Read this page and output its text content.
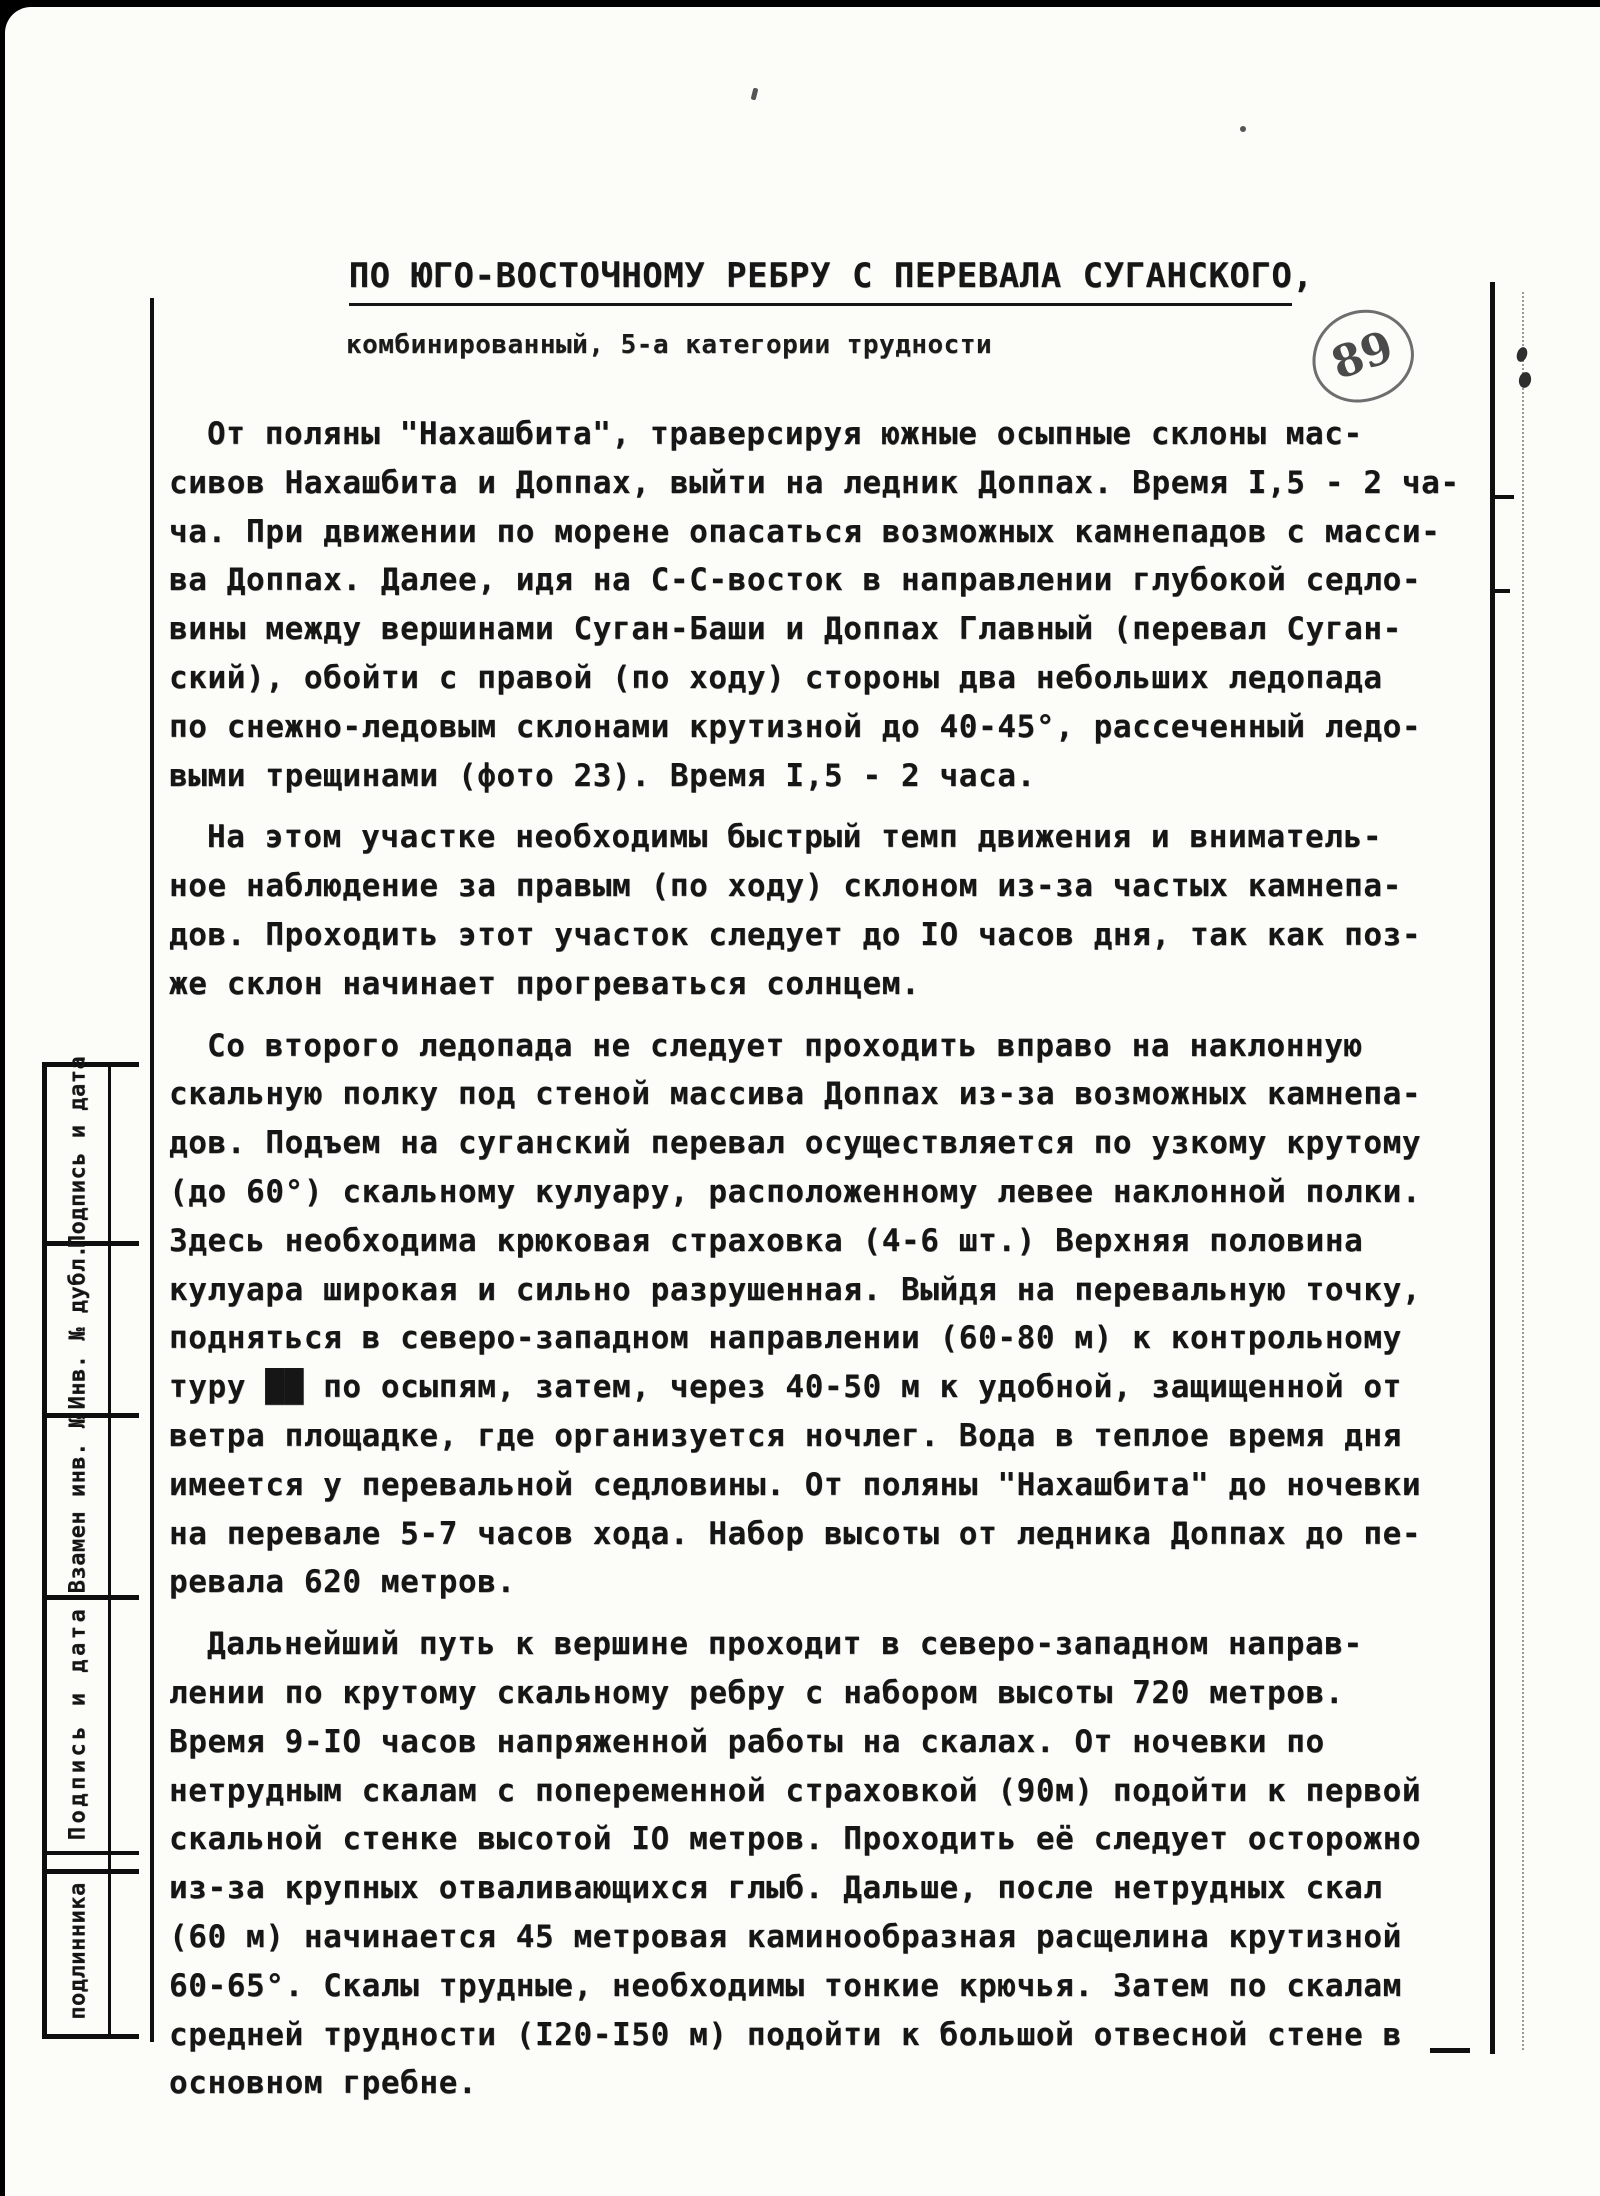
ПО ЮГО-ВОСТОЧНОМУ РЕБРУ С ПЕРЕВАЛА СУГАНСКОГО,
комбинированный, 5-а категории трудности	89
Подпись и дата
Инв. № дубл.
Взамен инв. №
Подпись и дата
подлинника
От поляны "Нахашбита", траверсируя южные осыпные склоны мас-
сивов Нахашбита и Доппах, выйти на ледник Доппах. Время I,5 - 2 ча-
ча. При движении по морене опасаться возможных камнепадов с масси-
ва Доппах. Далее, идя на С-С-восток в направлении глубокой седло-
вины между вершинами Суган-Баши и Доппах Главный (перевал Суган-
ский), обойти с правой (по ходу) стороны два небольших ледопада
по снежно-ледовым склонами крутизной до 40-45°, рассеченный ледо-
выми трещинами (фото 23). Время I,5 - 2 часа.
На этом участке необходимы быстрый темп движения и вниматель-
ное наблюдение за правым (по ходу) склоном из-за частых камнепа-
дов. Проходить этот участок следует до IO часов дня, так как поз-
же склон начинает прогреваться солнцем.
Со второго ледопада не следует проходить вправо на наклонную
скальную полку под стеной массива Доппах из-за возможных камнепа-
дов. Подъем на суганский перевал осуществляется по узкому крутому
(до 60°) скальному кулуару, расположенному левее наклонной полки.
Здесь необходима крюковая страховка (4-6 шт.) Верхняя половина
кулуара широкая и сильно разрушенная. Выйдя на перевальную точку,
подняться в северо-западном направлении (60-80 м) к контрольному
туру ██ по осыпям, затем, через 40-50 м к удобной, защищенной от
ветра площадке, где организуется ночлег. Вода в теплое время дня
имеется у перевальной седловины. От поляны "Нахашбита" до ночевки
на перевале 5-7 часов хода. Набор высоты от ледника Доппах до пе-
ревала 620 метров.
Дальнейший путь к вершине проходит в северо-западном направ-
лении по крутому скальному ребру с набором высоты 720 метров.
Время 9-IO часов напряженной работы на скалах. От ночевки по
нетрудным скалам с попеременной страховкой (90м) подойти к первой
скальной стенке высотой IO метров. Проходить её следует осторожно
из-за крупных отваливающихся глыб. Дальше, после нетрудных скал
(60 м) начинается 45 метровая каминообразная расщелина крутизной
60-65°. Скалы трудные, необходимы тонкие крючья. Затем по скалам
средней трудности (I20-I50 м) подойти к большой отвесной стене в
основном гребне.
